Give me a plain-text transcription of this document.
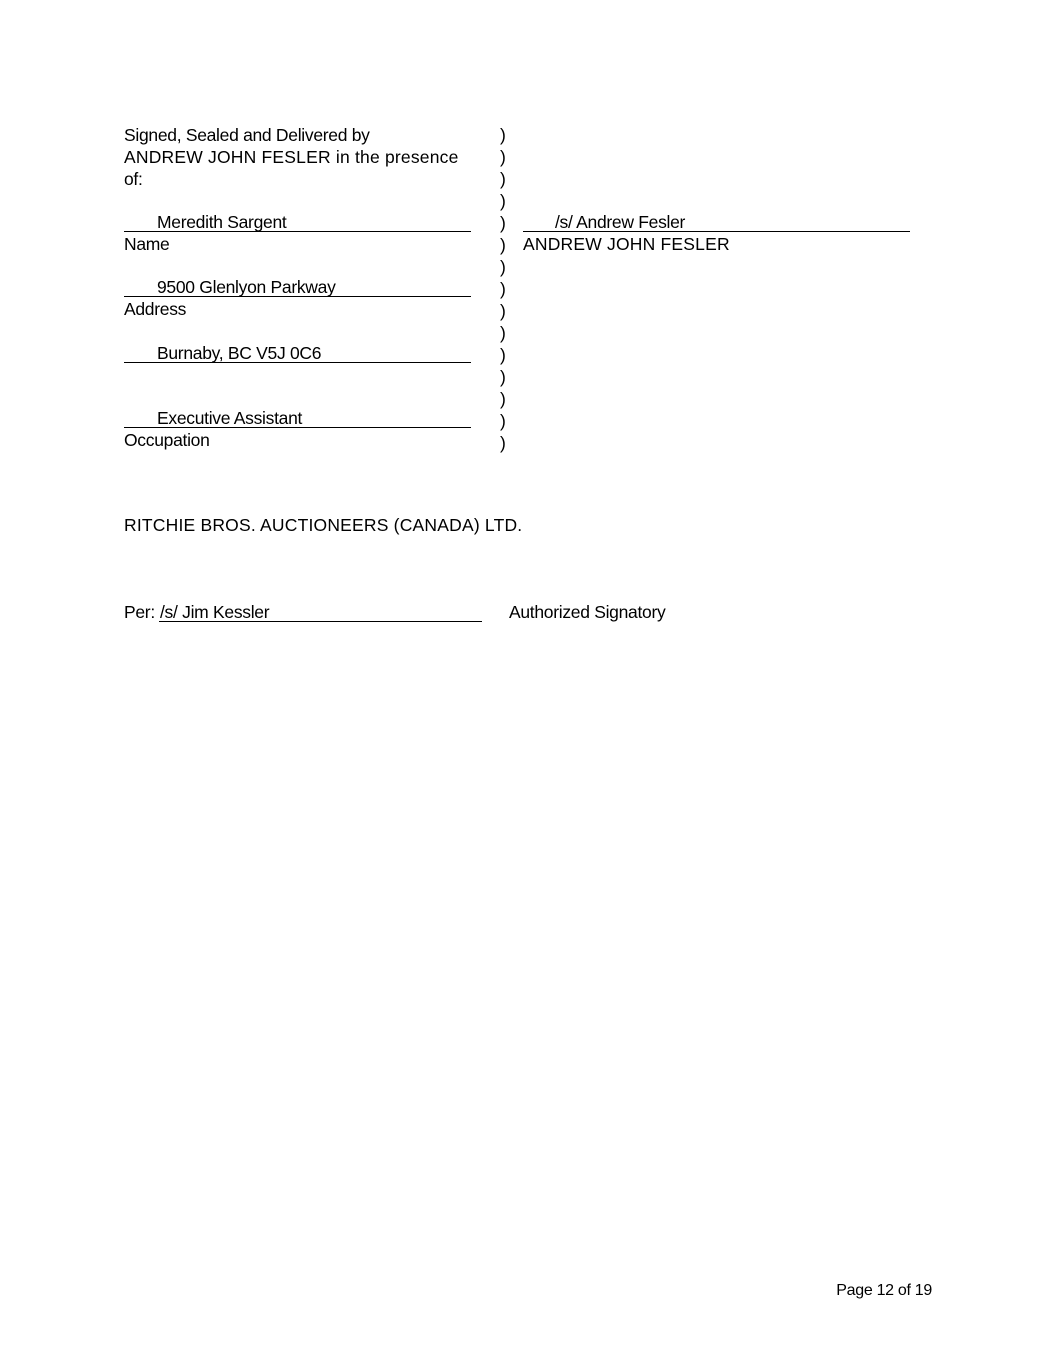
Signed, Sealed and Delivered by
ANDREW JOHN FESLER in the presence
of:
Meredith Sargent
Name
9500 Glenlyon Parkway
Address
Burnaby, BC V5J 0C6
Executive Assistant
Occupation
)
)
)
)
)
)
)
)
)
)
)
)
)
)
)
/s/ Andrew Fesler
ANDREW JOHN FESLER
RITCHIE BROS. AUCTIONEERS (CANADA) LTD.
Per: /s/ Jim Kessler	Authorized Signatory
Page 12 of 19
